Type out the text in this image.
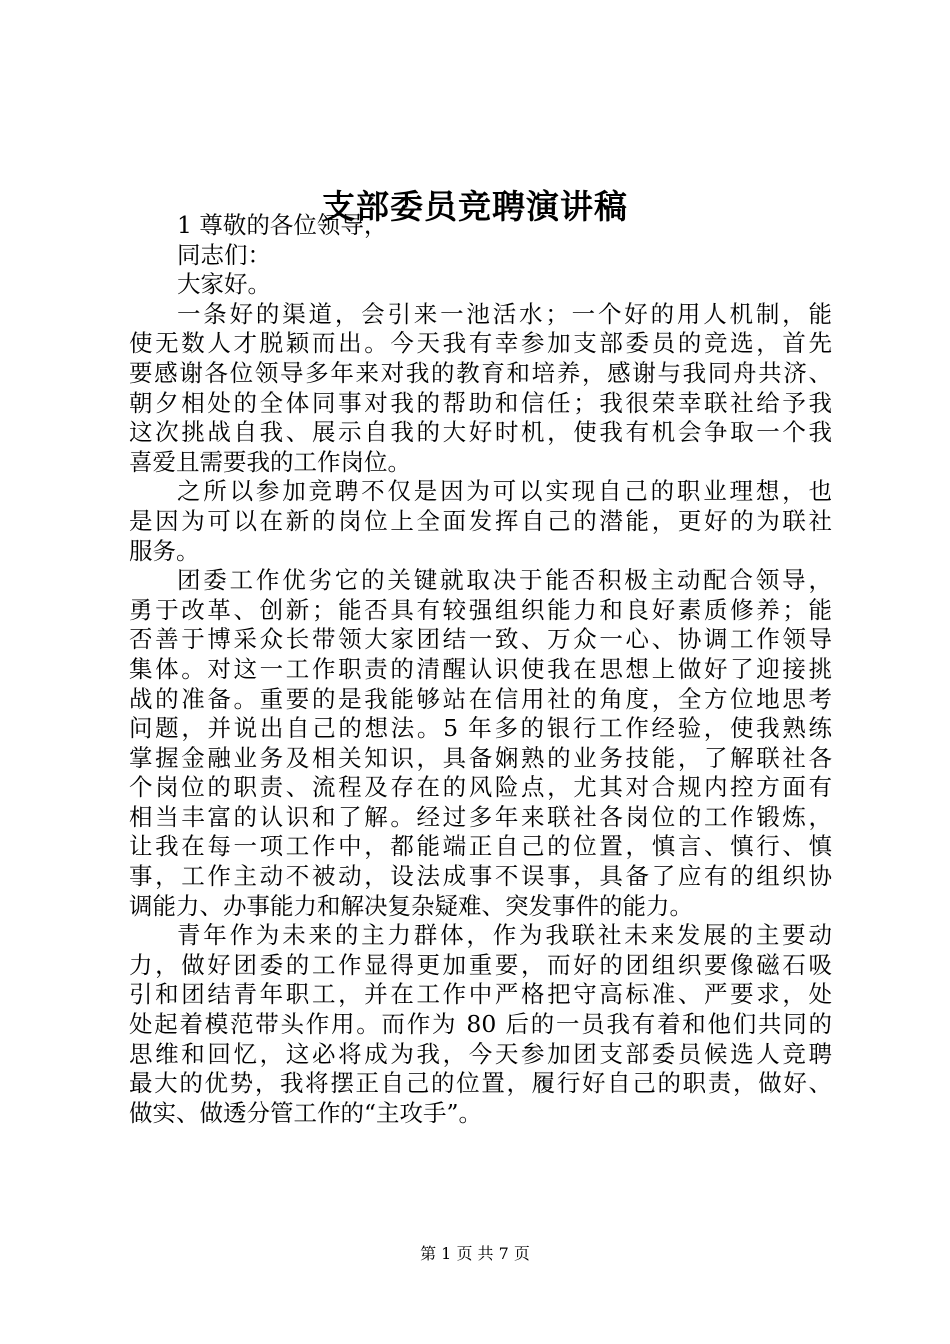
支部委员竞聘演讲稿
1 尊敬的各位领导，
同志们：
大家好。
一条好的渠道，会引来一池活水；一个好的用人机制，能
使无数人才脱颖而出。今天我有幸参加支部委员的竞选，首先
要感谢各位领导多年来对我的教育和培养，感谢与我同舟共济、
朝夕相处的全体同事对我的帮助和信任；我很荣幸联社给予我
这次挑战自我、展示自我的大好时机，使我有机会争取一个我
喜爱且需要我的工作岗位。
之所以参加竞聘不仅是因为可以实现自己的职业理想，也
是因为可以在新的岗位上全面发挥自己的潜能，更好的为联社
服务。
团委工作优劣它的关键就取决于能否积极主动配合领导，
勇于改革、创新；能否具有较强组织能力和良好素质修养；能
否善于博采众长带领大家团结一致、万众一心、协调工作领导
集体。对这一工作职责的清醒认识使我在思想上做好了迎接挑
战的准备。重要的是我能够站在信用社的角度，全方位地思考
问题，并说出自己的想法。5 年多的银行工作经验，使我熟练
掌握金融业务及相关知识，具备娴熟的业务技能，了解联社各
个岗位的职责、流程及存在的风险点，尤其对合规内控方面有
相当丰富的认识和了解。经过多年来联社各岗位的工作锻炼，
让我在每一项工作中，都能端正自己的位置，慎言、慎行、慎
事，工作主动不被动，设法成事不误事，具备了应有的组织协
调能力、办事能力和解决复杂疑难、突发事件的能力。
青年作为未来的主力群体，作为我联社未来发展的主要动
力，做好团委的工作显得更加重要，而好的团组织要像磁石吸
引和团结青年职工，并在工作中严格把守高标准、严要求，处
处起着模范带头作用。而作为 80 后的一员我有着和他们共同的
思维和回忆，这必将成为我，今天参加团支部委员候选人竞聘
最大的优势，我将摆正自己的位置，履行好自己的职责，做好、
做实、做透分管工作的“主攻手”。
第 1 页 共 7 页
